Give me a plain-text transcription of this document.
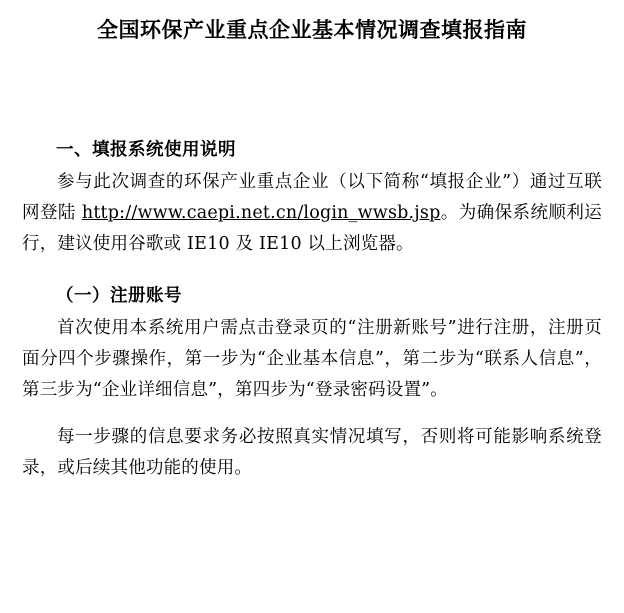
全国环保产业重点企业基本情况调查填报指南
一、填报系统使用说明

参与此次调查的环保产业重点企业（以下简称“填报企业”）通过互联网登陆 http://www.caepi.net.cn/login_wwsb.jsp。为确保系统顺利运行，建议使用谷歌或 IE10 及 IE10 以上浏览器。

（一）注册账号

首次使用本系统用户需点击登录页的“注册新账号”进行注册，注册页面分四个步骤操作，第一步为“企业基本信息”，第二步为“联系人信息”，第三步为“企业详细信息”，第四步为“登录密码设置”。

每一步骤的信息要求务必按照真实情况填写，否则将可能影响系统登录，或后续其他功能的使用。
